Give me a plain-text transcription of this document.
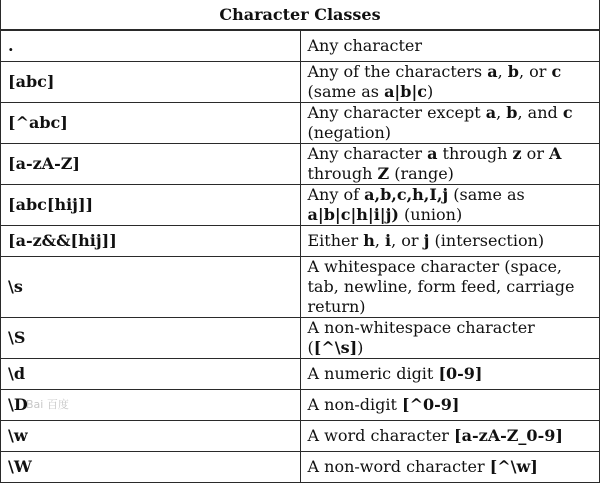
Character Classes	
.	Any character
[abc]	Any of the characters a, b, or c (same as a|b|c)
[^abc]	Any character except a, b, and c (negation)
[a-zA-Z]	Any character a through z or A through Z (range)
[abc[hij]]	Any of a,b,c,h,I,j (same as a|b|c|h|i|j) (union)
[a-z&&[hij]]	Either h, i, or j (intersection)
\s	A whitespace character (space, tab, newline, form feed, carriage return)
\S	A non-whitespace character ([^\s])
\d	A numeric digit [0-9]
\D	A non-digit [^0-9]
\w	A word character [a-zA-Z_0-9]
\W	A non-word character [^\w]
Bai 百度
